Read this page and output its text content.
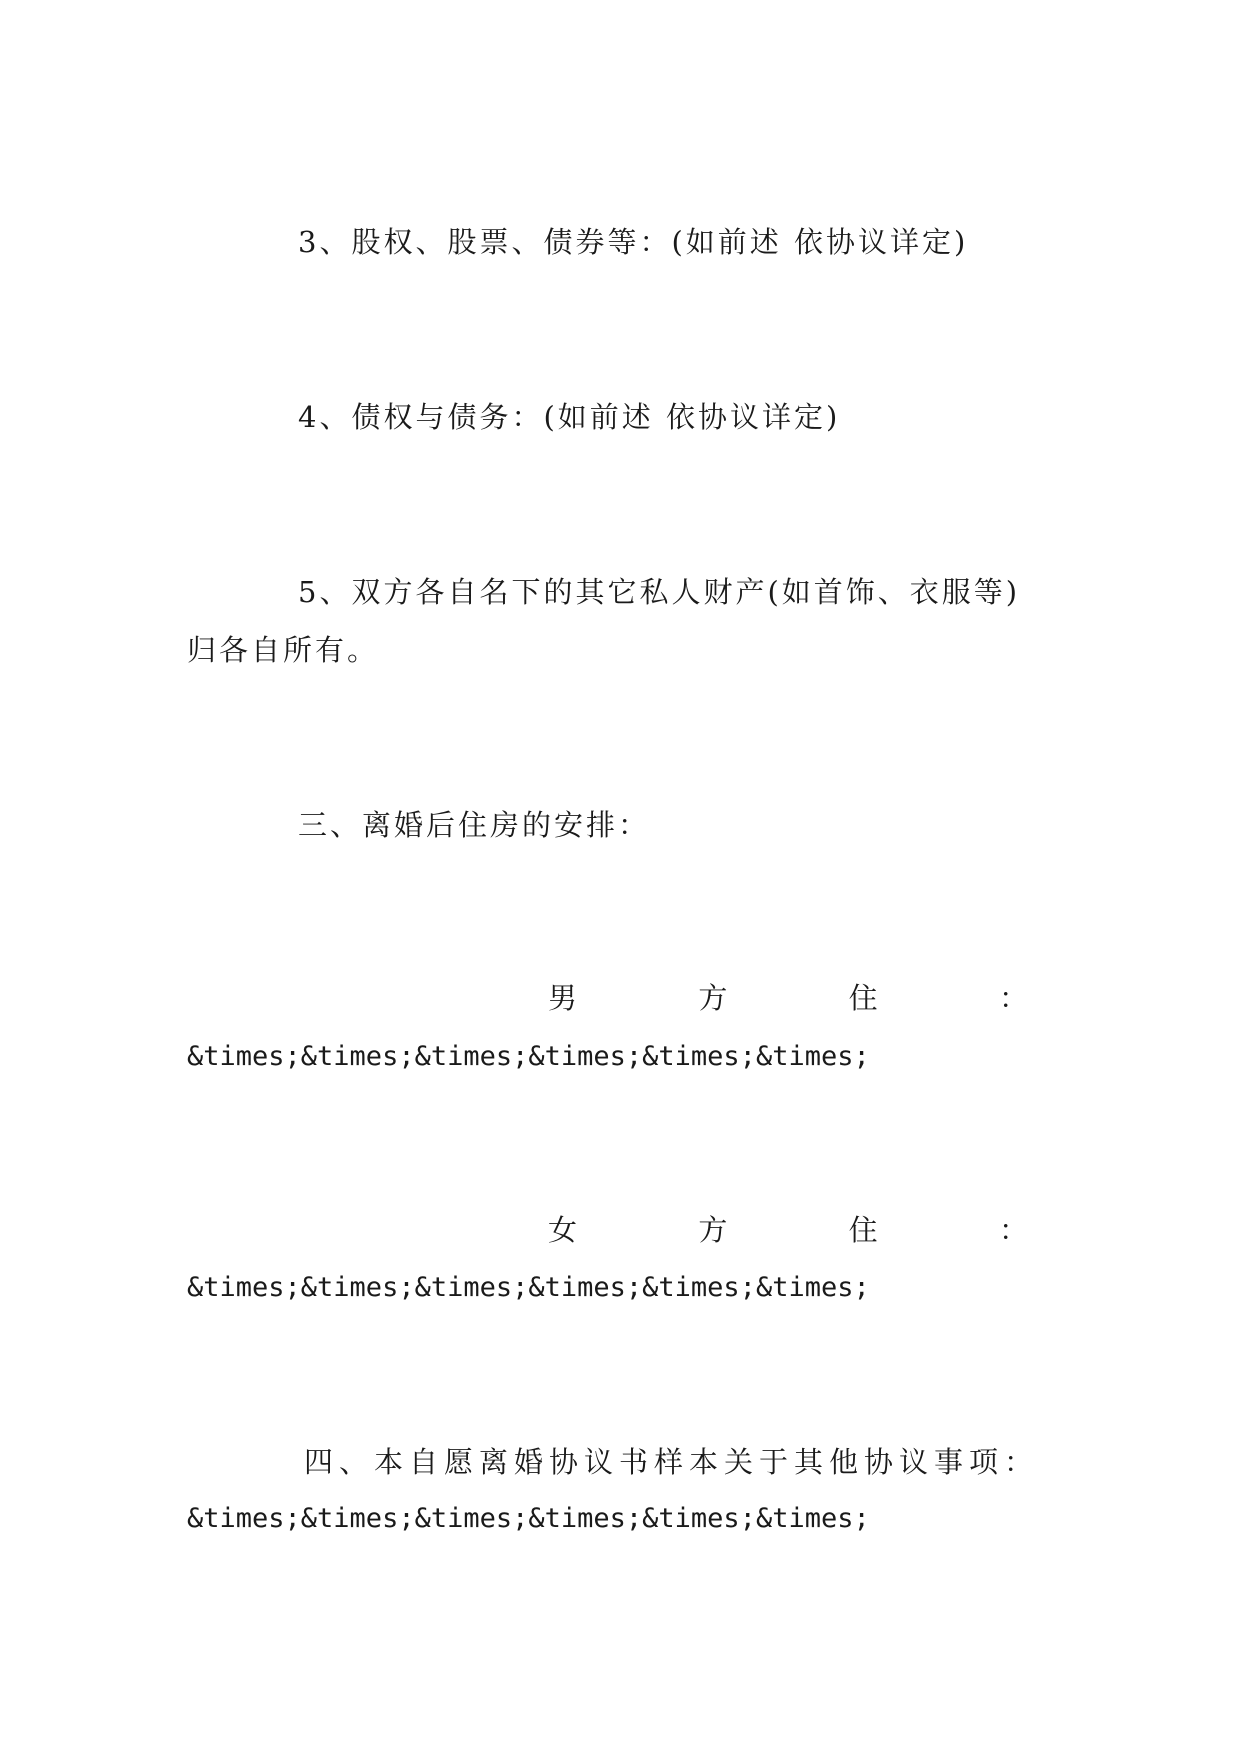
3、股权、股票、债券等：(如前述 依协议详定)
4、债权与债务：(如前述 依协议详定)
5、双方各自名下的其它私人财产(如首饰、衣服等)
归各自所有。
三、离婚后住房的安排：
男	方	住	：
&times;&times;&times;&times;&times;&times;
女	方	住	：
&times;&times;&times;&times;&times;&times;
四、本自愿离婚协议书样本关于其他协议事项：
&times;&times;&times;&times;&times;&times;
